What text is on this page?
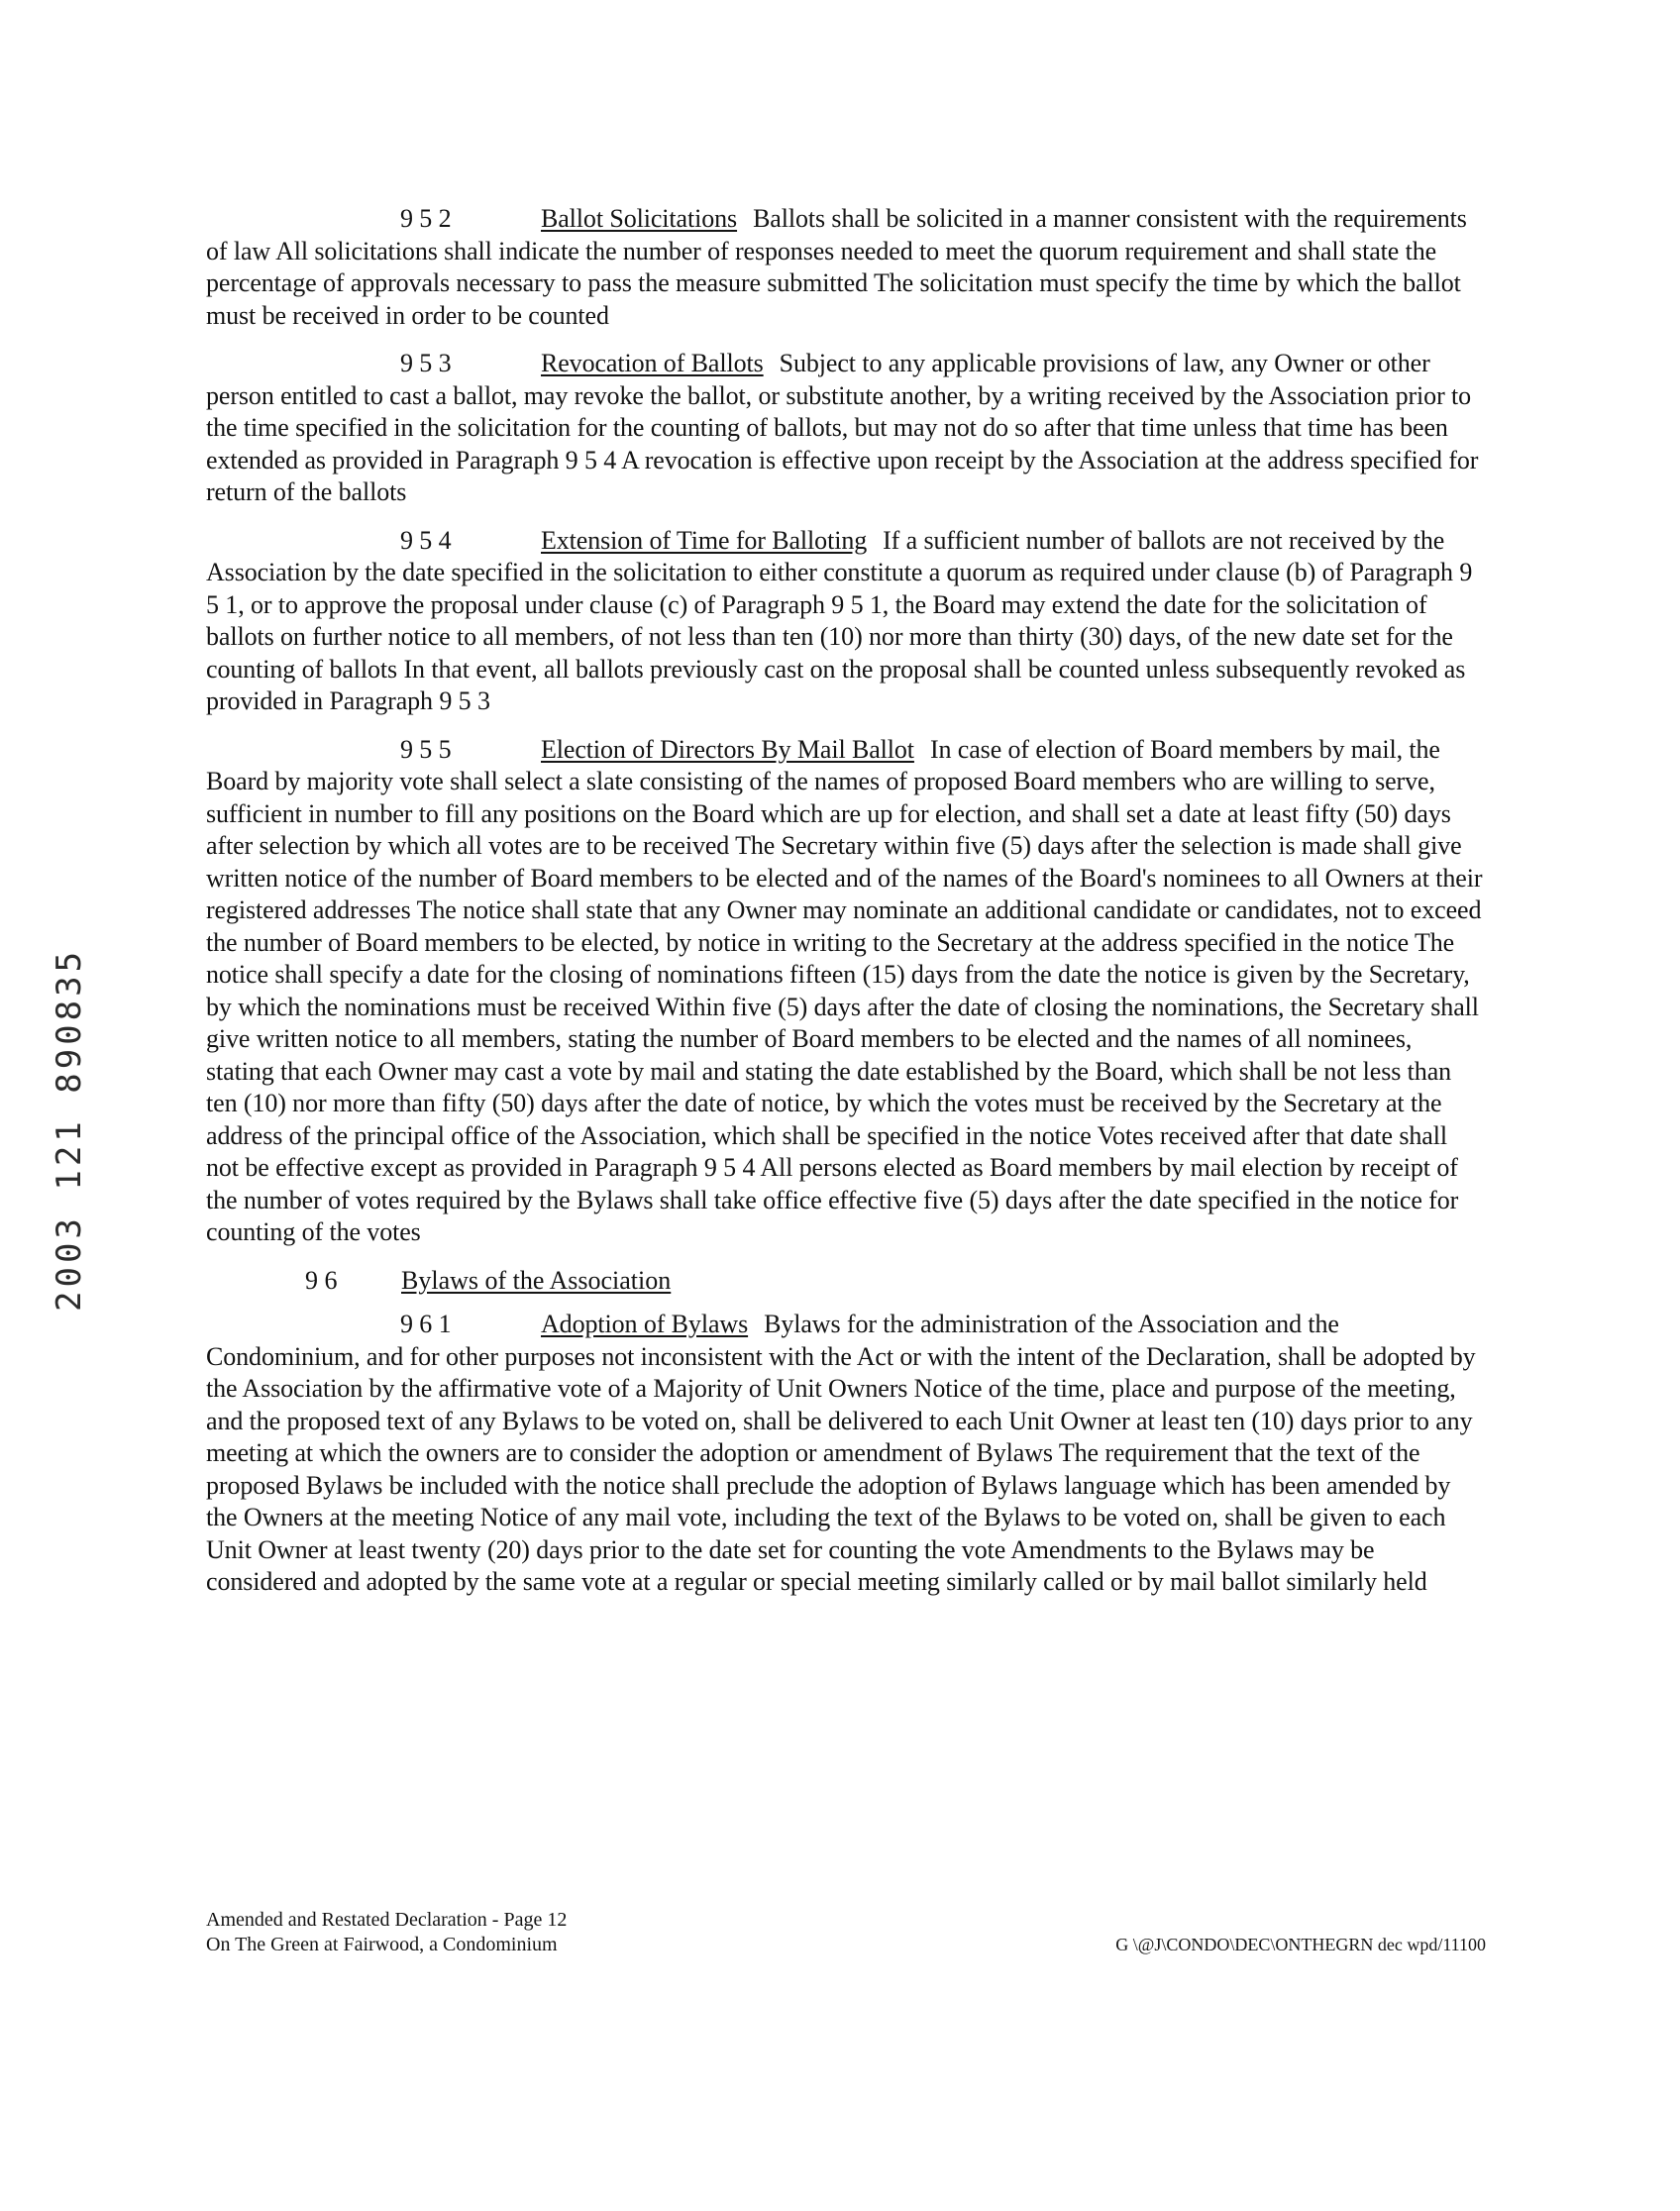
2003 121 890835

9 5 2	Ballot Solicitations Ballots shall be solicited in a manner consistent with the requirements of law All solicitations shall indicate the number of responses needed to meet the quorum requirement and shall state the percentage of approvals necessary to pass the measure submitted The solicitation must specify the time by which the ballot must be received in order to be counted

9 5 3	Revocation of Ballots Subject to any applicable provisions of law, any Owner or other person entitled to cast a ballot, may revoke the ballot, or substitute another, by a writing received by the Association prior to the time specified in the solicitation for the counting of ballots, but may not do so after that time unless that time has been extended as provided in Paragraph 9 5 4 A revocation is effective upon receipt by the Association at the address specified for return of the ballots

9 5 4	Extension of Time for Balloting If a sufficient number of ballots are not received by the Association by the date specified in the solicitation to either constitute a quorum as required under clause (b) of Paragraph 9 5 1, or to approve the proposal under clause (c) of Paragraph 9 5 1, the Board may extend the date for the solicitation of ballots on further notice to all members, of not less than ten (10) nor more than thirty (30) days, of the new date set for the counting of ballots In that event, all ballots previously cast on the proposal shall be counted unless subsequently revoked as provided in Paragraph 9 5 3

9 5 5	Election of Directors By Mail Ballot In case of election of Board members by mail, the Board by majority vote shall select a slate consisting of the names of proposed Board members who are willing to serve, sufficient in number to fill any positions on the Board which are up for election, and shall set a date at least fifty (50) days after selection by which all votes are to be received The Secretary within five (5) days after the selection is made shall give written notice of the number of Board members to be elected and of the names of the Board's nominees to all Owners at their registered addresses The notice shall state that any Owner may nominate an additional candidate or candidates, not to exceed the number of Board members to be elected, by notice in writing to the Secretary at the address specified in the notice The notice shall specify a date for the closing of nominations fifteen (15) days from the date the notice is given by the Secretary, by which the nominations must be received Within five (5) days after the date of closing the nominations, the Secretary shall give written notice to all members, stating the number of Board members to be elected and the names of all nominees, stating that each Owner may cast a vote by mail and stating the date established by the Board, which shall be not less than ten (10) nor more than fifty (50) days after the date of notice, by which the votes must be received by the Secretary at the address of the principal office of the Association, which shall be specified in the notice Votes received after that date shall not be effective except as provided in Paragraph 9 5 4 All persons elected as Board members by mail election by receipt of the number of votes required by the Bylaws shall take office effective five (5) days after the date specified in the notice for counting of the votes

9 6 Bylaws of the Association

9 6 1	Adoption of Bylaws Bylaws for the administration of the Association and the Condominium, and for other purposes not inconsistent with the Act or with the intent of the Declaration, shall be adopted by the Association by the affirmative vote of a Majority of Unit Owners Notice of the time, place and purpose of the meeting, and the proposed text of any Bylaws to be voted on, shall be delivered to each Unit Owner at least ten (10) days prior to any meeting at which the owners are to consider the adoption or amendment of Bylaws The requirement that the text of the proposed Bylaws be included with the notice shall preclude the adoption of Bylaws language which has been amended by the Owners at the meeting Notice of any mail vote, including the text of the Bylaws to be voted on, shall be given to each Unit Owner at least twenty (20) days prior to the date set for counting the vote Amendments to the Bylaws may be considered and adopted by the same vote at a regular or special meeting similarly called or by mail ballot similarly held

Amended and Restated Declaration - Page 12
On The Green at Fairwood, a Condominium	G \@J\CONDO\DEC\ONTHEGRN dec wpd/11100
